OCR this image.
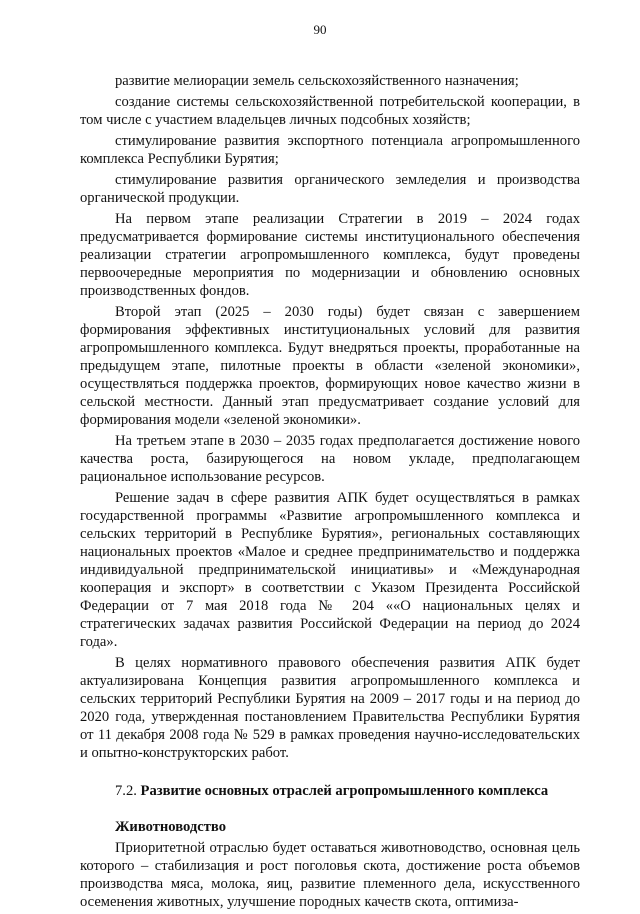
90

развитие мелиорации земель сельскохозяйственного назначения;

создание системы сельскохозяйственной потребительской кооперации, в том числе с участием владельцев личных подсобных хозяйств;

стимулирование развития экспортного потенциала агропромышленного комплекса Республики Бурятия;

стимулирование развития органического земледелия и производства органической продукции.

На первом этапе реализации Стратегии в 2019 – 2024 годах предусматривается формирование системы институционального обеспечения реализации стратегии агропромышленного комплекса, будут проведены первоочередные мероприятия по модернизации и обновлению основных производственных фондов.

Второй этап (2025 – 2030 годы) будет связан с завершением формирования эффективных институциональных условий для развития агропромышленного комплекса. Будут внедряться проекты, проработанные на предыдущем этапе, пилотные проекты в области «зеленой экономики», осуществляться поддержка проектов, формирующих новое качество жизни в сельской местности. Данный этап предусматривает создание условий для формирования модели «зеленой экономики».

На третьем этапе в 2030 – 2035 годах предполагается достижение нового качества роста, базирующегося на новом укладе, предполагающем рациональное использование ресурсов.

Решение задач в сфере развития АПК будет осуществляться в рамках государственной программы «Развитие агропромышленного комплекса и сельских территорий в Республике Бурятия», региональных составляющих национальных проектов «Малое и среднее предпринимательство и поддержка индивидуальной предпринимательской инициативы» и «Международная кооперация и экспорт» в соответствии с Указом Президента Российской Федерации от 7 мая 2018 года № 204 ««О национальных целях и стратегических задачах развития Российской Федерации на период до 2024 года».

В целях нормативного правового обеспечения развития АПК будет актуализирована Концепция развития агропромышленного комплекса и сельских территорий Республики Бурятия на 2009 – 2017 годы и на период до 2020 года, утвержденная постановлением Правительства Республики Бурятия от 11 декабря 2008 года № 529 в рамках проведения научно-исследовательских и опытно-конструкторских работ.

7.2. Развитие основных отраслей агропромышленного комплекса

Животноводство

Приоритетной отраслью будет оставаться животноводство, основная цель которого – стабилизация и рост поголовья скота, достижение роста объемов производства мяса, молока, яиц, развитие племенного дела, искусственного осеменения животных, улучшение породных качеств скота, оптимиза-
